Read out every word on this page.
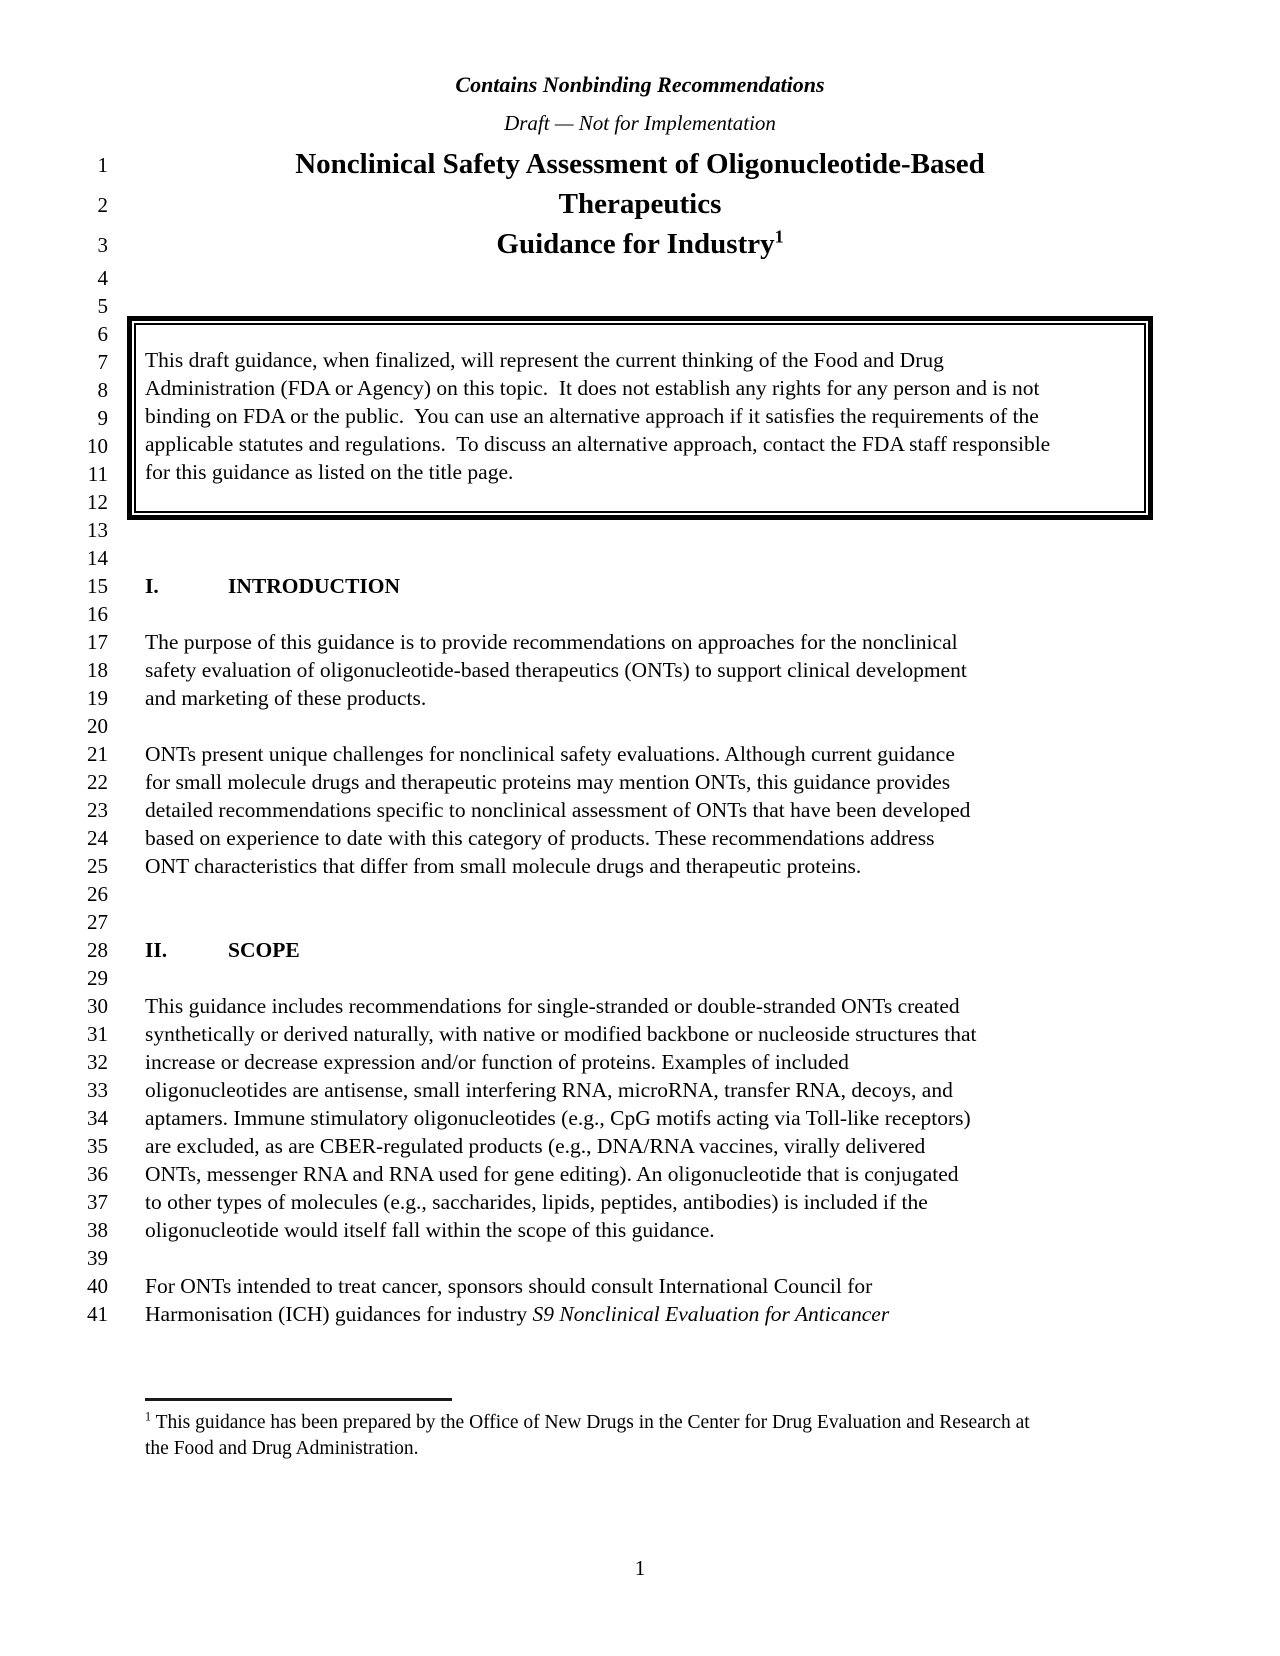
Contains Nonbinding Recommendations
Draft — Not for Implementation
1	Nonclinical Safety Assessment of Oligonucleotide-Based
2	Therapeutics
3	Guidance for Industry$^1$
4
5
6
7
8
9
10
11
12
This draft guidance, when finalized, will represent the current thinking of the Food and Drug
Administration (FDA or Agency) on this topic.  It does not establish any rights for any person and is not
binding on FDA or the public.  You can use an alternative approach if it satisfies the requirements of the
applicable statutes and regulations.  To discuss an alternative approach, contact the FDA staff responsible
for this guidance as listed on the title page.
13
14
15	I.	INTRODUCTION
16
17	The purpose of this guidance is to provide recommendations on approaches for the nonclinical
18	safety evaluation of oligonucleotide-based therapeutics (ONTs) to support clinical development
19	and marketing of these products.
20
21	ONTs present unique challenges for nonclinical safety evaluations. Although current guidance
22	for small molecule drugs and therapeutic proteins may mention ONTs, this guidance provides
23	detailed recommendations specific to nonclinical assessment of ONTs that have been developed
24	based on experience to date with this category of products. These recommendations address
25	ONT characteristics that differ from small molecule drugs and therapeutic proteins.
26
27
28	II.	SCOPE
29
30	This guidance includes recommendations for single-stranded or double-stranded ONTs created
31	synthetically or derived naturally, with native or modified backbone or nucleoside structures that
32	increase or decrease expression and/or function of proteins. Examples of included
33	oligonucleotides are antisense, small interfering RNA, microRNA, transfer RNA, decoys, and
34	aptamers. Immune stimulatory oligonucleotides (e.g., CpG motifs acting via Toll-like receptors)
35	are excluded, as are CBER-regulated products (e.g., DNA/RNA vaccines, virally delivered
36	ONTs, messenger RNA and RNA used for gene editing). An oligonucleotide that is conjugated
37	to other types of molecules (e.g., saccharides, lipids, peptides, antibodies) is included if the
38	oligonucleotide would itself fall within the scope of this guidance.
39
40	For ONTs intended to treat cancer, sponsors should consult International Council for
41	Harmonisation (ICH) guidances for industry S9 Nonclinical Evaluation for Anticancer
$^1$ This guidance has been prepared by the Office of New Drugs in the Center for Drug Evaluation and Research at
the Food and Drug Administration.
1
